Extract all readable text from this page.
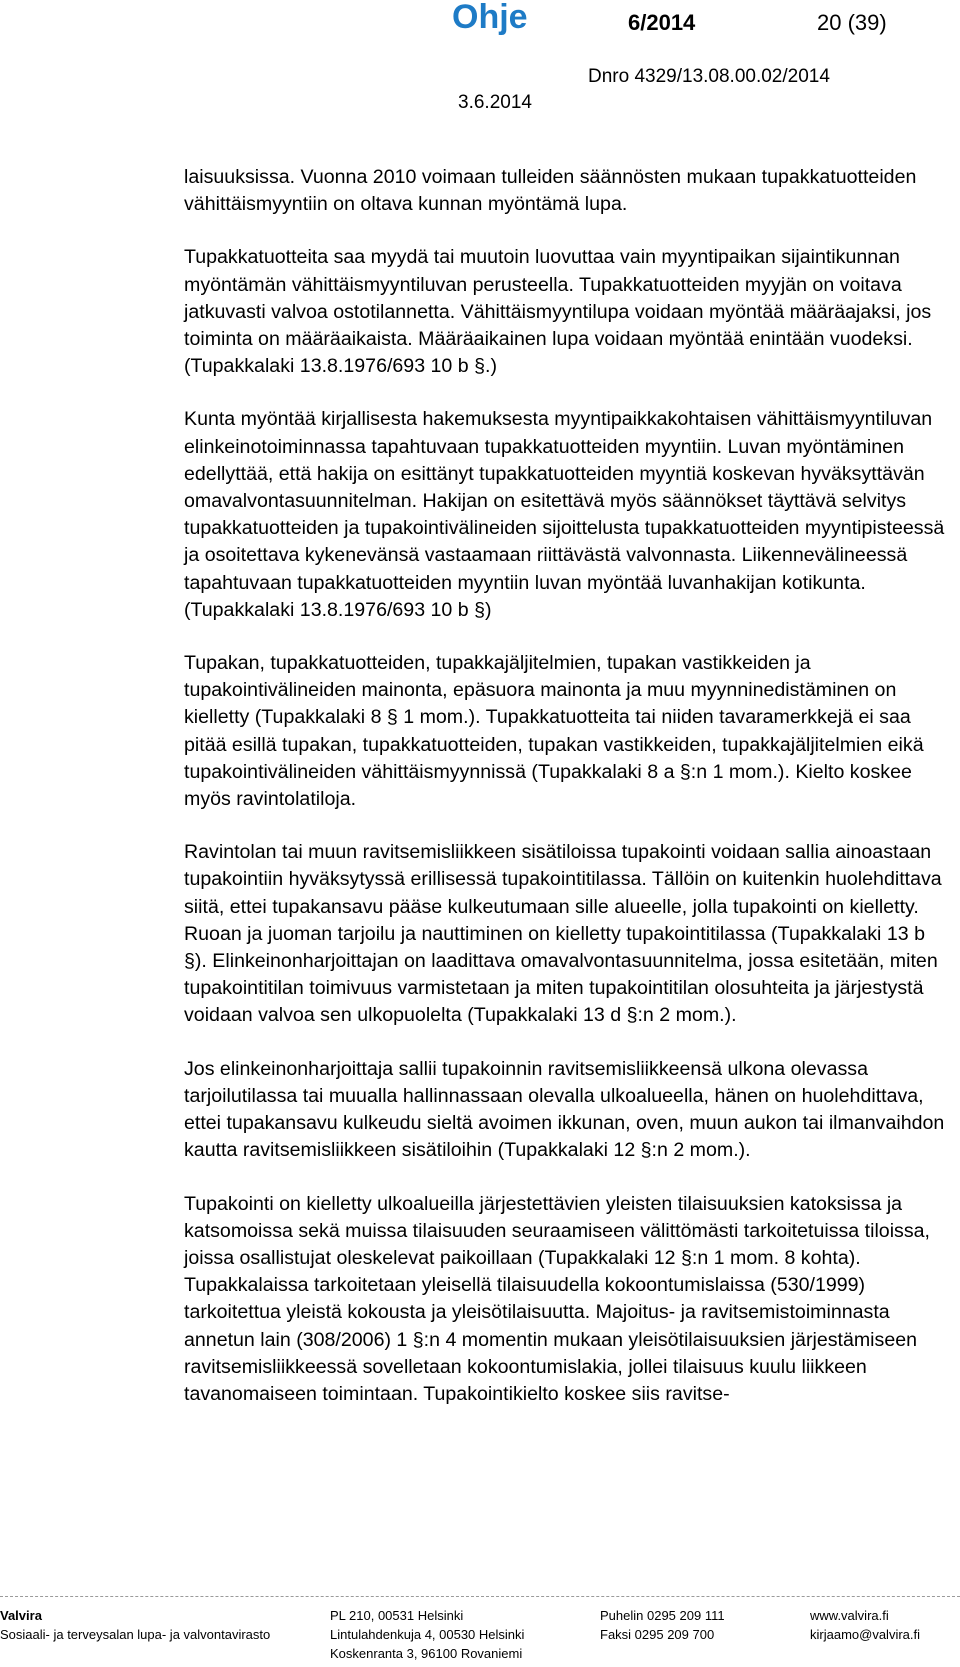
Ohje	6/2014	20 (39)
Dnro 4329/13.08.00.02/2014
3.6.2014

laisuuksissa. Vuonna 2010 voimaan tulleiden säännösten mukaan tupakkatuotteiden vähittäismyyntiin on oltava kunnan myöntämä lupa.

Tupakkatuotteita saa myydä tai muutoin luovuttaa vain myyntipaikan sijaintikunnan myöntämän vähittäismyyntiluvan perusteella. Tupakkatuotteiden myyjän on voitava jatkuvasti valvoa ostotilannetta. Vähittäismyyntilupa voidaan myöntää määräajaksi, jos toiminta on määräaikaista. Määräaikainen lupa voidaan myöntää enintään vuodeksi. (Tupakkalaki 13.8.1976/693 10 b §.)

Kunta myöntää kirjallisesta hakemuksesta myyntipaikkakohtaisen vähittäismyyntiluvan elinkeinotoiminnassa tapahtuvaan tupakkatuotteiden myyntiin. Luvan myöntäminen edellyttää, että hakija on esittänyt tupakkatuotteiden myyntiä koskevan hyväksyttävän omavalvontasuunnitelman. Hakijan on esitettävä myös säännökset täyttävä selvitys tupakkatuotteiden ja tupakointivälineiden sijoittelusta tupakkatuotteiden myyntipisteessä ja osoitettava kykenevänsä vastaamaan riittävästä valvonnasta. Liikennevälineessä tapahtuvaan tupakkatuotteiden myyntiin luvan myöntää luvanhakijan kotikunta. (Tupakkalaki 13.8.1976/693 10 b §)

Tupakan, tupakkatuotteiden, tupakkajäljitelmien, tupakan vastikkeiden ja tupakointivälineiden mainonta, epäsuora mainonta ja muu myynninedistäminen on kielletty (Tupakkalaki 8 § 1 mom.). Tupakkatuotteita tai niiden tavaramerkkejä ei saa pitää esillä tupakan, tupakkatuotteiden, tupakan vastikkeiden, tupakkajäljitelmien eikä tupakointivälineiden vähittäismyynnissä (Tupakkalaki 8 a §:n 1 mom.). Kielto koskee myös ravintolatiloja.

Ravintolan tai muun ravitsemisliikkeen sisätiloissa tupakointi voidaan sallia ainoastaan tupakointiin hyväksytyssä erillisessä tupakointitilassa. Tällöin on kuitenkin huolehdittava siitä, ettei tupakansavu pääse kulkeutumaan sille alueelle, jolla tupakointi on kielletty. Ruoan ja juoman tarjoilu ja nauttiminen on kielletty tupakointitilassa (Tupakkalaki 13 b §). Elinkeinonharjoittajan on laadittava omavalvontasuunnitelma, jossa esitetään, miten tupakointitilan toimivuus varmistetaan ja miten tupakointitilan olosuhteita ja järjestystä voidaan valvoa sen ulkopuolelta (Tupakkalaki 13 d §:n 2 mom.).

Jos elinkeinonharjoittaja sallii tupakoinnin ravitsemisliikkeensä ulkona olevassa tarjoilutilassa tai muualla hallinnassaan olevalla ulkoalueella, hänen on huolehdittava, ettei tupakansavu kulkeudu sieltä avoimen ikkunan, oven, muun aukon tai ilmanvaihdon kautta ravitsemisliikkeen sisätiloihin (Tupakkalaki 12 §:n 2 mom.).

Tupakointi on kielletty ulkoalueilla järjestettävien yleisten tilaisuuksien katoksissa ja katsomoissa sekä muissa tilaisuuden seuraamiseen välittömästi tarkoitetuissa tiloissa, joissa osallistujat oleskelevat paikoillaan (Tupakkalaki 12 §:n 1 mom. 8 kohta). Tupakkalaissa tarkoitetaan yleisellä tilaisuudella kokoontumislaissa (530/1999) tarkoitettua yleistä kokousta ja yleisötilaisuutta. Majoitus- ja ravitsemistoiminnasta annetun lain (308/2006) 1 §:n 4 momentin mukaan yleisötilaisuuksien järjestämiseen ravitsemisliikkeessä sovelletaan kokoontumislakia, jollei tilaisuus kuulu liikkeen tavanomaiseen toimintaan. Tupakointikielto koskee siis ravitse-

Valvira
Sosiaali- ja terveysalan lupa- ja valvontavirasto
PL 210, 00531 Helsinki
Lintulahdenkuja 4, 00530 Helsinki
Koskenranta 3, 96100 Rovaniemi
Puhelin 0295 209 111
Faksi 0295 209 700
www.valvira.fi
kirjaamo@valvira.fi
